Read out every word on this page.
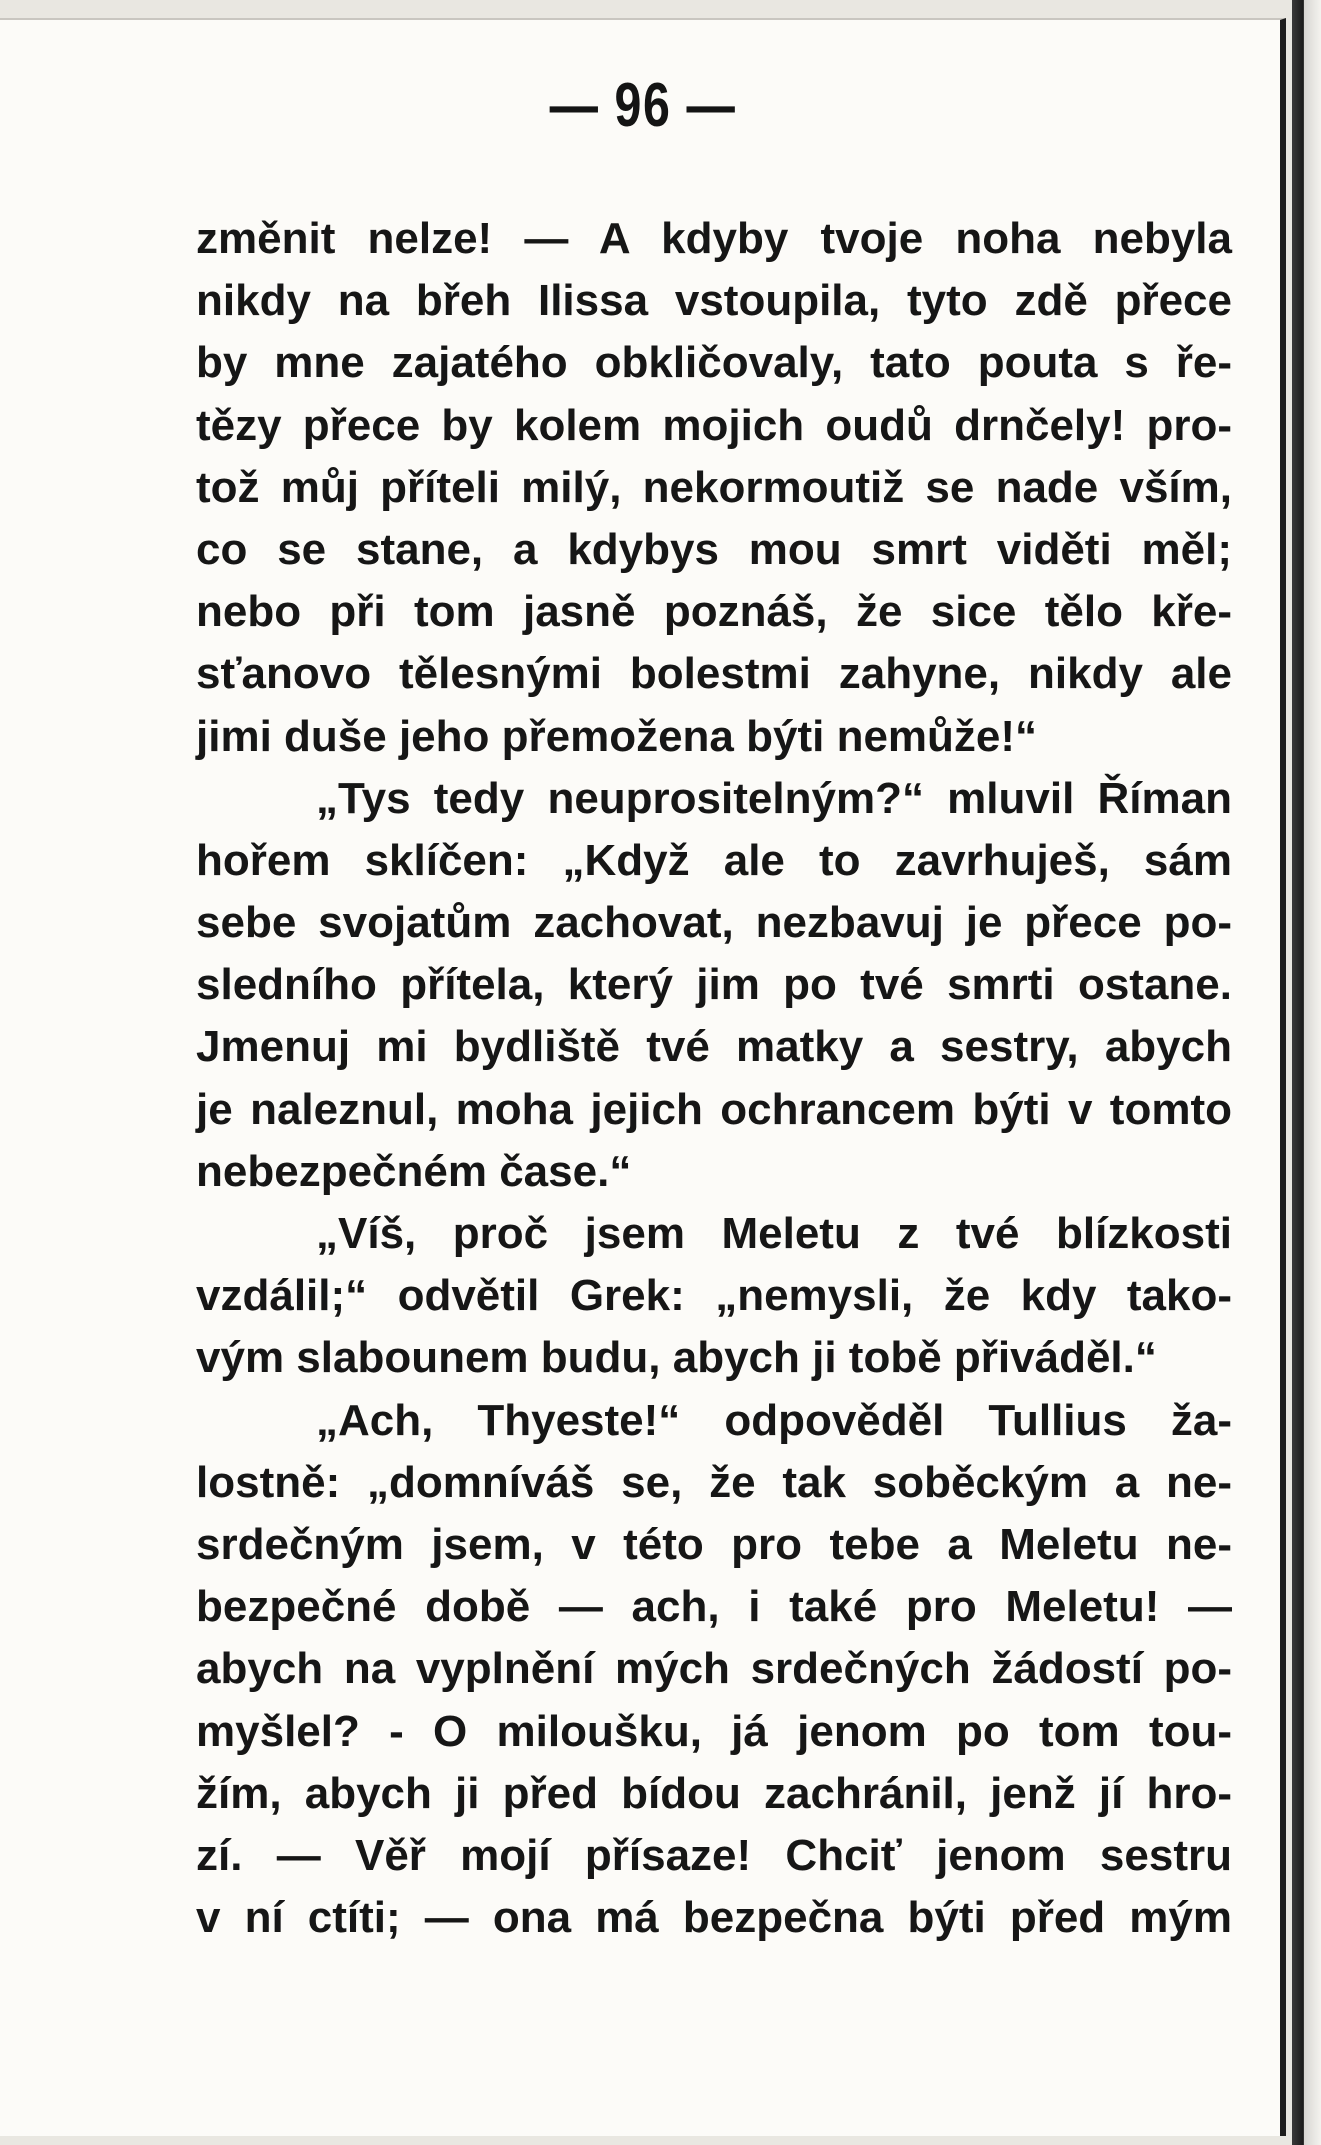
— 96 —
změnit nelze! — A kdyby tvoje noha nebyla
nikdy na břeh Ilissa vstoupila, tyto zdě přece
by mne zajatého obkličovaly, tato pouta s ře-
tězy přece by kolem mojich oudů drnčely! pro-
tož můj příteli milý, nekormoutiž se nade vším,
co se stane, a kdybys mou smrt viděti měl;
nebo při tom jasně poznáš, že sice tělo kře-
sťanovo tělesnými bolestmi zahyne, nikdy ale
jimi duše jeho přemožena býti nemůže!“
„Tys tedy neuprositelným?“ mluvil Říman
hořem sklíčen: „Když ale to zavrhuješ, sám
sebe svojatům zachovat, nezbavuj je přece po-
sledního přítela, který jim po tvé smrti ostane.
Jmenuj mi bydliště tvé matky a sestry, abych
je naleznul, moha jejich ochrancem býti v tomto
nebezpečném čase.“
„Víš, proč jsem Meletu z tvé blízkosti
vzdálil;“ odvětil Grek: „nemysli, že kdy tako-
vým slabounem budu, abych ji tobě přiváděl.“
„Ach, Thyeste!“ odpověděl Tullius ža-
lostně: „domníváš se, že tak soběckým a ne-
srdečným jsem, v této pro tebe a Meletu ne-
bezpečné době — ach, i také pro Meletu! —
abych na vyplnění mých srdečných žádostí po-
myšlel? - O miloušku, já jenom po tom tou-
žím, abych ji před bídou zachránil, jenž jí hro-
zí. — Věř mojí přísaze! Chciť jenom sestru
v ní ctíti; — ona má bezpečna býti před mým
